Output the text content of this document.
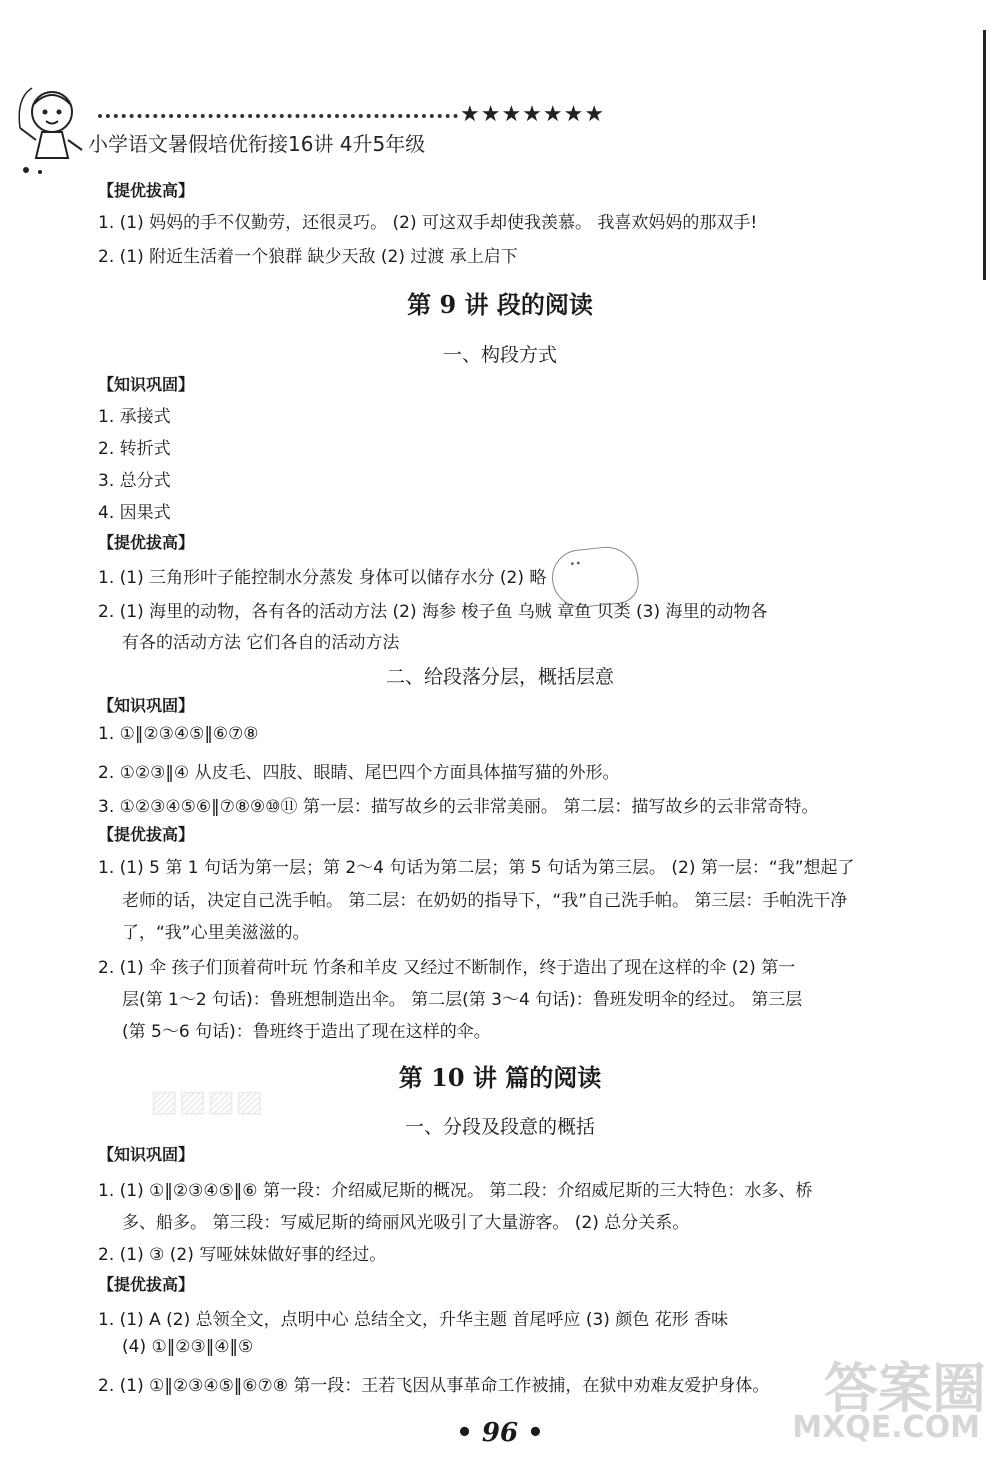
★★★★★★★
小学语文暑假培优衔接16讲 4升5年级
【提优拔高】
1. (1) 妈妈的手不仅勤劳，还很灵巧。 (2) 可这双手却使我羡慕。 我喜欢妈妈的那双手!
2. (1) 附近生活着一个狼群 缺少天敌 (2) 过渡 承上启下
第 9 讲 段的阅读
一、构段方式
【知识巩固】
1. 承接式
2. 转折式
3. 总分式
4. 因果式
【提优拔高】
1. (1) 三角形叶子能控制水分蒸发 身体可以储存水分 (2) 略
••
2. (1) 海里的动物，各有各的活动方法 (2) 海参 梭子鱼 乌贼 章鱼 贝类 (3) 海里的动物各
有各的活动方法 它们各自的活动方法
二、给段落分层，概括层意
【知识巩固】
1. ①‖②③④⑤‖⑥⑦⑧
2. ①②③‖④ 从皮毛、四肢、眼睛、尾巴四个方面具体描写猫的外形。
3. ①②③④⑤⑥‖⑦⑧⑨⑩⑪ 第一层：描写故乡的云非常美丽。 第二层：描写故乡的云非常奇特。
【提优拔高】
1. (1) 5 第 1 句话为第一层；第 2～4 句话为第二层；第 5 句话为第三层。 (2) 第一层：“我”想起了
老师的话，决定自己洗手帕。 第二层：在奶奶的指导下，“我”自己洗手帕。 第三层：手帕洗干净
了，“我”心里美滋滋的。
2. (1) 伞 孩子们顶着荷叶玩 竹条和羊皮 又经过不断制作，终于造出了现在这样的伞 (2) 第一
层(第 1～2 句话)：鲁班想制造出伞。 第二层(第 3～4 句话)：鲁班发明伞的经过。 第三层
(第 5～6 句话)：鲁班终于造出了现在这样的伞。
▨▨▨▨
第 10 讲 篇的阅读
一、分段及段意的概括
【知识巩固】
1. (1) ①‖②③④⑤‖⑥ 第一段：介绍威尼斯的概况。 第二段：介绍威尼斯的三大特色：水多、桥
多、船多。 第三段：写威尼斯的绮丽风光吸引了大量游客。 (2) 总分关系。
2. (1) ③ (2) 写哑妹妹做好事的经过。
【提优拔高】
1. (1) A (2) 总领全文，点明中心 总结全文，升华主题 首尾呼应 (3) 颜色 花形 香味
(4) ①‖②③‖④‖⑤
2. (1) ①‖②③④⑤‖⑥⑦⑧ 第一段：王若飞因从事革命工作被捕，在狱中劝难友爱护身体。
• 96 •
答案圈
MXQE.COM
